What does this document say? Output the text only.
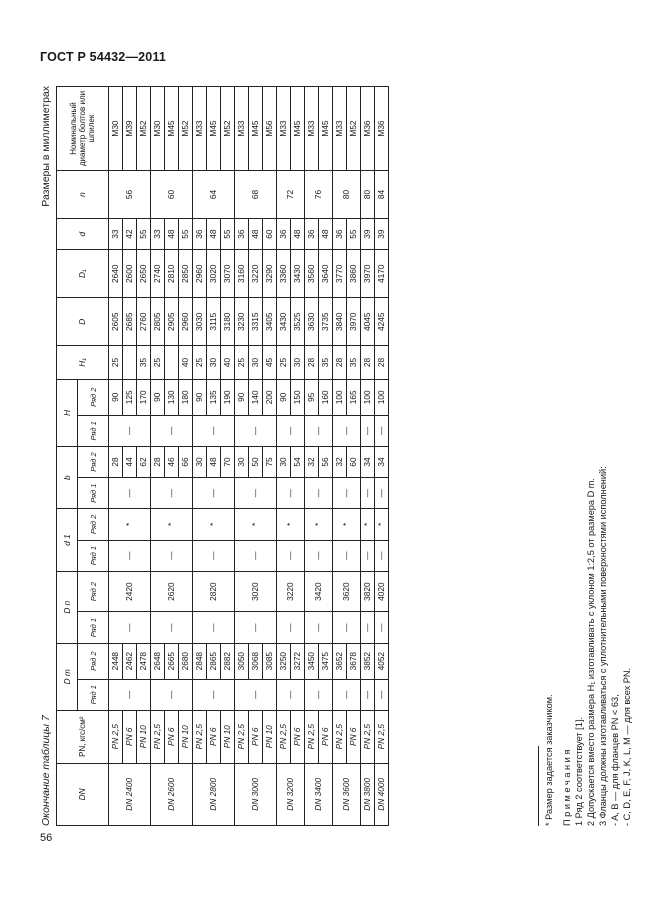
ГОСТ Р 54432—2011
Окончание таблицы 7
Размеры в миллиметрах
DN	PN, кгс/см²	D m		D п		d 1		b		H		H₁	D	D₁	d	n	Номинальный диаметр болтов или шпилек
		Ряд 1	Ряд 2	Ряд 1	Ряд 2	Ряд 1	Ряд 2	Ряд 1	Ряд 2	Ряд 1	Ряд 2						
DN 2400	PN 2,5	—	2448	—	2420	—	*	—	28	—	90	25	2605	2640	33	56	M30
	PN 6		2462						44		125		2685	2600	42		M39
	PN 10		2478						62		170	35	2760	2650	55		M52
DN 2600	PN 2,5	—	2648	—	2620	—	*	—	28	—	90	25	2805	2740	33	60	M30
	PN 6		2665						46		130		2905	2810	48		M45
	PN 10		2680						66		180	40	2960	2850	55		M52
DN 2800	PN 2,5	—	2848	—	2820	—	*	—	30	—	90	25	3030	2960	36	64	M33
	PN 6		2865						48		135	30	3115	3020	48		M45
	PN 10		2882						70		190	40	3180	3070	55		M52
DN 3000	PN 2,5	—	3050	—	3020	—	*	—	30	—	90	25	3230	3160	36	68	M33
	PN 6		3068						50		140	30	3315	3220	48		M45
	PN 10		3085						75		200	45	3405	3290	60		M56
DN 3200	PN 2,5	—	3250	—	3220	—	*	—	30	—	90	25	3430	3360	36	72	M33
	PN 6		3272						54		150	30	3525	3430	48		M45
DN 3400	PN 2,5	—	3450	—	3420	—	*	—	32	—	95	28	3630	3560	36	76	M33
	PN 6		3475						56		160	35	3735	3640	48		M45
DN 3600	PN 2,5	—	3652	—	3620	—	*	—	32	—	100	28	3840	3770	36	80	M33
	PN 6		3678						60		165	35	3970	3860	55		M52
DN 3800	PN 2,5	—	3852	—	3820	—	*	—	34	—	100	28	4045	3970	39	80	M36
DN 4000	PN 2,5	—	4052	—	4020	—	*	—	34	—	100	28	4245	4170	39	84	M36
* Размер задается заказчиком. П р и м е ч а н и я 1 Ряд 2 соответствует [1]. 2 Допускается вместо размера H₁ изготавливать с уклоном 1:2,5 от размера D m. 3 Фланцы должны изготавливаться с уплотнительными поверхностями исполнений: - A, B — для фланцев PN < 63, - C, D, E, F, J, K, L, M — для всех PN.
56
